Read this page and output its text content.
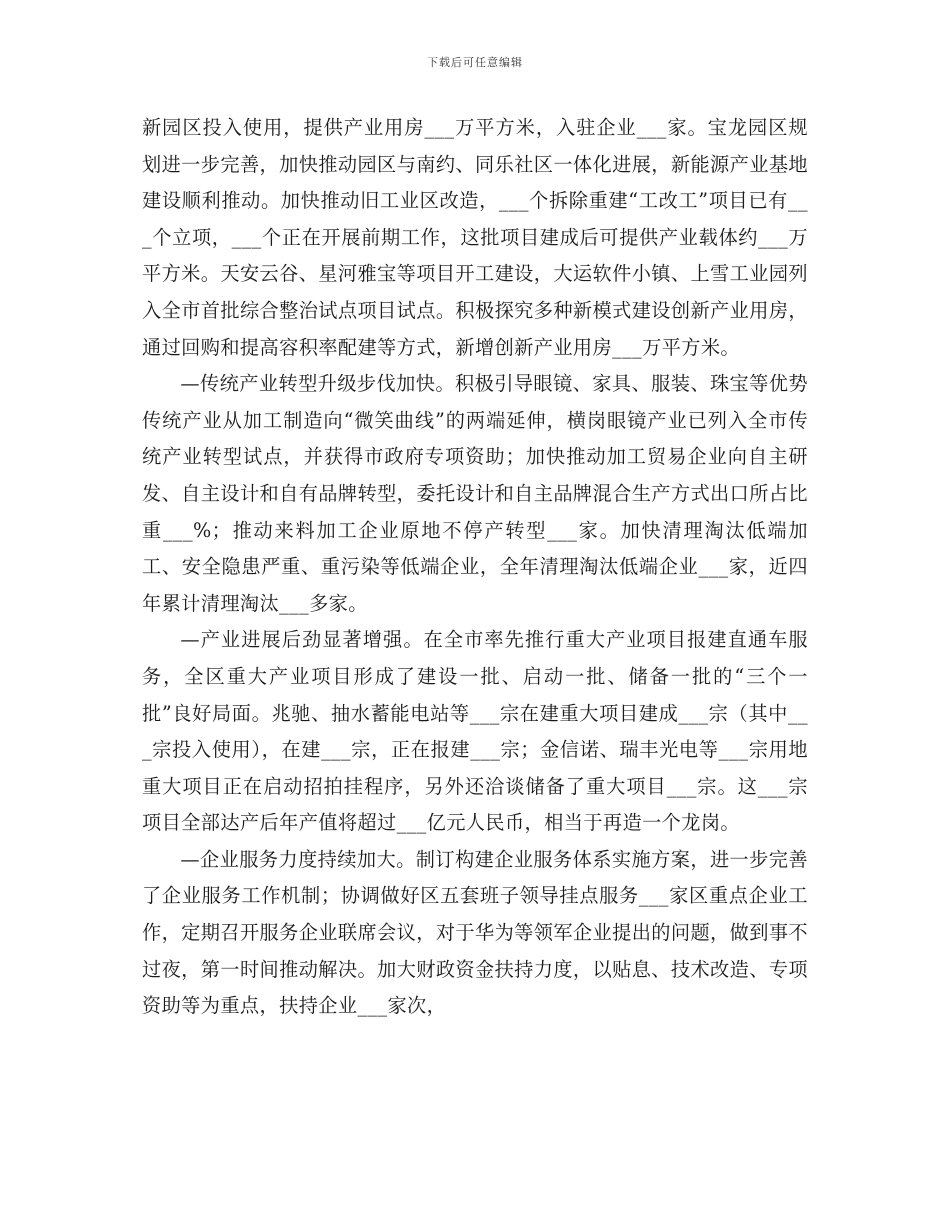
下载后可任意编辑

新园区投入使用，提供产业用房___万平方米，入驻企业___家。宝龙园区规划进一步完善，加快推动园区与南约、同乐社区一体化进展，新能源产业基地建设顺利推动。加快推动旧工业区改造，___个拆除重建“工改工”项目已有___个立项，___个正在开展前期工作，这批项目建成后可提供产业载体约___万平方米。天安云谷、星河雅宝等项目开工建设，大运软件小镇、上雪工业园列入全市首批综合整治试点项目试点。积极探究多种新模式建设创新产业用房，通过回购和提高容积率配建等方式，新增创新产业用房___万平方米。

—传统产业转型升级步伐加快。积极引导眼镜、家具、服装、珠宝等优势传统产业从加工制造向“微笑曲线”的两端延伸，横岗眼镜产业已列入全市传统产业转型试点，并获得市政府专项资助；加快推动加工贸易企业向自主研发、自主设计和自有品牌转型，委托设计和自主品牌混合生产方式出口所占比重___%；推动来料加工企业原地不停产转型___家。加快清理淘汰低端加工、安全隐患严重、重污染等低端企业，全年清理淘汰低端企业___家，近四年累计清理淘汰___多家。

—产业进展后劲显著增强。在全市率先推行重大产业项目报建直通车服务，全区重大产业项目形成了建设一批、启动一批、储备一批的“三个一批”良好局面。兆驰、抽水蓄能电站等___宗在建重大项目建成___宗（其中___宗投入使用），在建___宗，正在报建___宗；金信诺、瑞丰光电等___宗用地重大项目正在启动招拍挂程序，另外还洽谈储备了重大项目___宗。这___宗项目全部达产后年产值将超过___亿元人民币，相当于再造一个龙岗。

—企业服务力度持续加大。制订构建企业服务体系实施方案，进一步完善了企业服务工作机制；协调做好区五套班子领导挂点服务___家区重点企业工作，定期召开服务企业联席会议，对于华为等领军企业提出的问题，做到事不过夜，第一时间推动解决。加大财政资金扶持力度，以贴息、技术改造、专项资助等为重点，扶持企业___家次，
